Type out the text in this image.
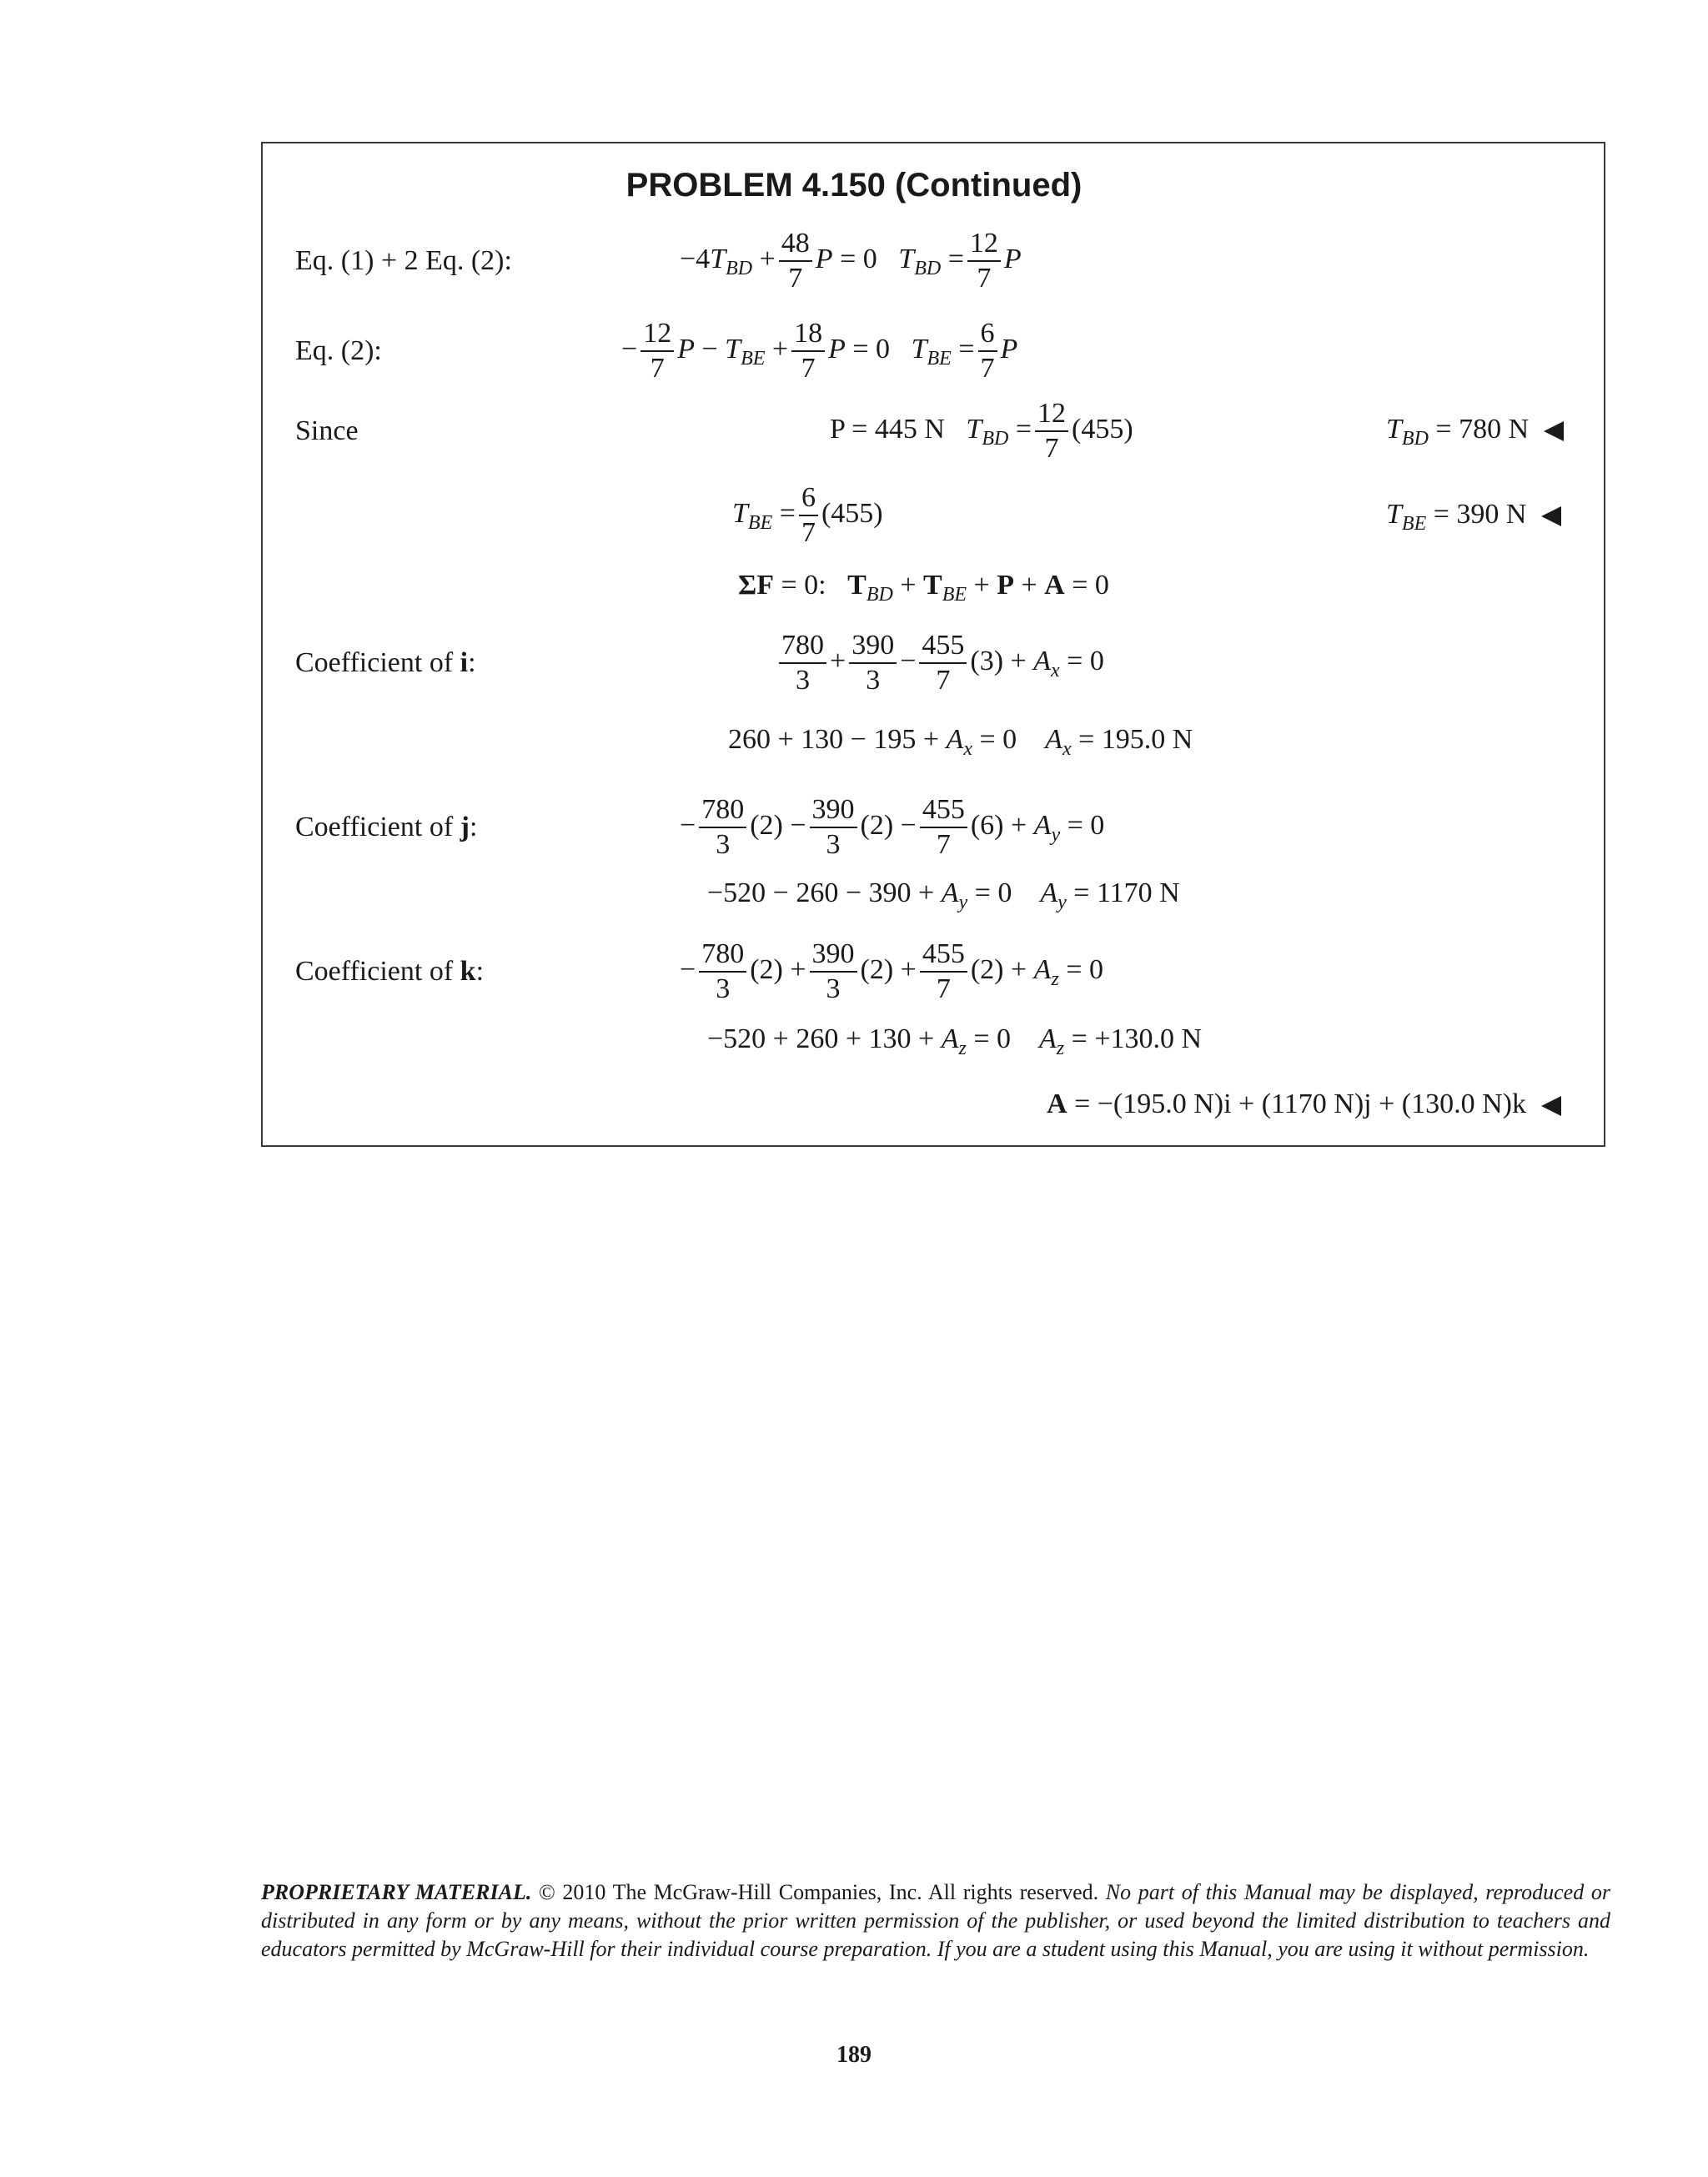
PROBLEM 4.150 (Continued)
Eq. (1) + 2 Eq. (2):	$-4T_{BD} + \frac{48}{7}$ P = 0   $T_{BD} = \frac{12}{7}$ P
Eq. (2):	− $\frac{12}{7}$ $P - T_{BE} + \frac{18}{7}$ P = 0   $T_{BE} = \frac{6}{7}$ P
Since	P = 445 N $T_{BD} = \frac{12}{7} (455)$	$T_{BD} = 780$ N
$T_{BE} = \frac{6}{7} (455)$	$T_{BE} = 390$ N
ΣF = 0:   $T_{BD} + T_{BE} + P + A = 0$
Coefficient of i:	$\frac{780}{3} + \frac{390}{3} - \frac{455}{7} (3) + A_x = 0$
$260 + 130 - 195 + A_x = 0$    $A_x = 195.0$ N
Coefficient of j:	− $\frac{780}{3} (2) - \frac{390}{3} (2) - \frac{455}{7} (6) + A_y = 0$
$-520 - 260 - 390 + A_y = 0$    $A_y = 1170$ N
Coefficient of k:	− $\frac{780}{3} (2) + \frac{390}{3} (2) + \frac{455}{7} (2) + A_z = 0$
$-520 + 260 + 130 + A_z = 0$    $A_z = +130.0$ N
A = −(195.0 N)i + (1170 N)j + (130.0 N)k
PROPRIETARY MATERIAL. © 2010 The McGraw-Hill Companies, Inc. All rights reserved. No part of this Manual may be displayed, reproduced or distributed in any form or by any means, without the prior written permission of the publisher, or used beyond the limited distribution to teachers and educators permitted by McGraw-Hill for their individual course preparation. If you are a student using this Manual, you are using it without permission.
189
